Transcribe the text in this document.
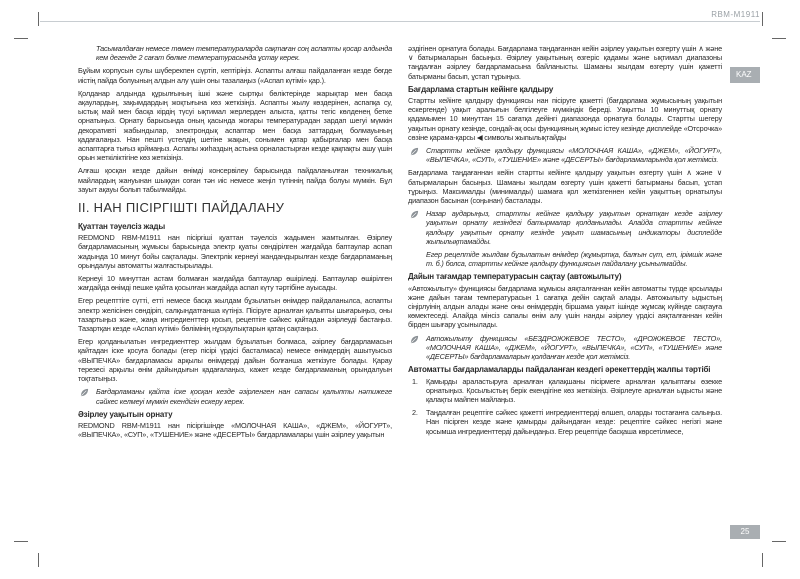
RBM-M1911
KAZ
25

Тасымалдаған немесе төмен температураларда сақтаған соң аспапты қосар алдында кем дегенде 2 сағат бөлме температурасында ұстау керек.

Бұйым корпусын сулы шүберекпен сүртіп, кептіріңіз. Аспапты алғаш пайдаланған кезде бөгде иістің пайда болуының алдын алу үшін оны тазалаңыз («Аспап күтімі» қар.).

Қолданар алдында құрылғының ішкі және сыртқы бөліктерінде жарықтар мен басқа ақаулардың, зақымдардың жоқтығына көз жеткізіңіз. Аспапты жылу көздерінен, аспапқа су, ыстық май мен басқа кірдің түсуі ықтимал жерлерден алыста, қатты тегіс көлденең бетке орнатыңыз. Орнату барысында оның қасында жоғары температурадан зардап шегуі мүмкін декоративті жабындылар, электрондық аспаптар мен басқа заттардың болмауының қадағалаңыз. Нан пешті үстелдің шетіне жақын, сонымен қатар қабырғалар мен басқа аспаптарға тығыз қоймаңыз. Аспапы жиһаздың астына орналастырған кезде қақпақты ашу үшін орын жеткіліктігіне көз жеткізіңіз.

Алғаш қосқан кезде дайын өнімді консервілеу барысында пайдаланылған техникалық майлардың жануынан шыққан соған тән иіс немесе жеңіл түтіннің пайда болуы мүмкін. Бұл зауыт ақауы болып табылмайды.

II. НАН ПІСІРГІШТІ ПАЙДАЛАНУ
Қуаттан тәуелсіз жады

REDMOND RBM-M1911 нан пісіргіші қуаттан тәуелсіз жадымен жамтылған. Әзірлеу бағдарламасының жұмысы барысында электр қуаты сөндірілген жағдайда баптаулар аспап жадында 10 минут бойы сақталады. Электрлік кернеуі жандандырылған кезде бағдарламаның орындалуы автоматты жалғастырылады.

Кернеуі 10 минуттан астам болмаған жағдайда баптаулар өшіріледі. Баптаулар өшірілген жағдайда өнімді пешке қайта қосылған жағдайда аспап күту тәртібіне ауысады.

Егер рецепттіге сүтті, етті немесе басқа жылдам бұзылатын өнімдер пайдаланылса, аспапты электр желісінен сөндіріп, салқындатғанша күтіңіз. Пісіруге арналған қалыпты шығарыңыз, оны тазартыңыз және, жаңа ингредиенттер қосып, рецептіге сәйкес қайтадан әзірлеуді бастаңыз. Тазартқан кезде «Аспап күтімі» бөлімінің нұсқаулықтарын қатаң сақтаңыз.

Егер қолданылатын ингредиенттер жылдам бұзылатын болмаса, әзірлеу бағдарламасын қайтадан іске қосуға болады (егер пісірі үрдісі басталмаса) немесе өнімдердің ашытуысыз «ВЫПЕЧКА» бағдарламасы арқылы өнімдерді дайын болғанша жеткізуге болады. Қарау терезесі арқылы өнім дайындығын қадағалаңыз, кажет кезде бағдарламаның орындалуын тоқтатыңыз.

Бағдарламаны қайта іске қосқан кезде әзірленген нан сапасы қалыпты нәтижеге сәйкес келмеуі мүмкін екендігін ескеру керек.

Әзірлеу уақытын орнату

REDMOND RBM-M1911 нан пісіргішінде «МОЛОЧНАЯ КАША», «ДЖЕМ», «ЙОГУРТ», «ВЫПЕЧКА», «СУП», «ТУШЕНИЕ» және «ДЕСЕРТЫ» бағдарламалары үшін әзірлеу уақытын

әздігінен орнатуға болады. Бағдарлама таңдағаннан кейін әзірлеу уақытын өзгерту үшін ∧ және ∨ батырмаларын басыңыз. Әзірлеу уақытының өзгеріс қадамы және ықтимал диапазоны таңдалған әзірлеу бағдарламасына байланысты. Шаманы жылдам өзгерту үшін қажетті батырманы басып, ұстап тұрыңыз.

Бағдарлама стартын кейінге қалдыру

Стартты кейінге қалдыру функциясы нан пісіруге қажетті (бағдарлама жұмысының уақытын ескергенде) уақыт аралығын белгілеуге мүмкіндік береді. Уақытты 10 минуттық орнату қадамымен 10 минуттан 15 сағатқа дейінгі диапазонда орнатуға болады. Стартты шегеру уақытын орнату кезінде, сондай-ақ осы функцияның жұмыс істеу кезінде дисплейде «Отсрочка» сөзіне қарама-қарсы ◀ символы жыпылықтайды

Стартты кейінге қалдыру функциясы «МОЛОЧНАЯ КАША», «ДЖЕМ», «ЙОГУРТ», «ВЫПЕЧКА», «СУП», «ТУШЕНИЕ» және «ДЕСЕРТЫ» бағдарламаларында қол жетімсіз.

Бағдарлама таңдағаннан кейін стартты кейінге қалдыру уақытын өзгерту үшін ∧ және ∨ батырмаларын басыңыз. Шаманы жылдам өзгерту үшін қажетті батырманы басып, ұстап тұрыңыз. Максималды (минималды) шамаға қол жеткізгеннен кейін уақыттың орнатылуы диапазон басынан (соңынан) басталады.

Назар аударыңыз, стартты кейінге қалдыру уақытын орнатқан кезде әзірлеу уақытын орнату кезіндегі батырмалар қолданылады. Алайда стартты кейінге қалдыру уақытын орнату кезінде уақыт шамасының индикаторы дисплейде жыпылықтамайды.

Егер рецептіде жылдам бұзылатын өнімдер (жұмыртқа, балғын сүт, ет, ірімшік және т. б.) болса, стартты кейінге қалдыру функциясын пайдалану ұсынылмайды.

Дайын тағамдар температурасын сақтау (автожылыту)

«Автожылыту» функциясы бағдарлама жұмысы аяқталғаннан кейін автоматты түрде қосылады және дайын тағам температурасын 1 сағатқа дейін сақтай алады. Автожылыту ыдыстың сіңірлуінің алдын алады және оны өнімдердің біршама уақыт ішінде жұмсақ күйінде сақтауға көмектеседі. Алайда мінсіз сапалы өнім алу үшін нанды әзірлеу үрдісі аяқталғаннан кейін бірден шығару ұсынылады.

Автожылыту функциясы «БЕЗДРОЖЖЕВОЕ ТЕСТО», «ДРОЖЖЕВОЕ ТЕСТО», «МОЛОЧНАЯ КАША», «ДЖЕМ», «ЙОГУРТ», «ВЫПЕЧКА», «СУП», «ТУШЕНИЕ» және «ДЕСЕРТЫ» бағдарламаларын қолданған кезде қол жетімсіз.

Автоматты бағдарламаларды пайдаланған кездегі әрекеттердің жалпы тәртібі
1. Қамырды араластыруға арналған қалақшаны пісірмеге арналған қалыптағы өзекке орнатыңыз. Қосылыстың берік екендігіне көз жеткізіңіз. Әзірлеуге арналған ыдысты және қалақты майпен майлаңыз.

2. Таңдалған рецептіге сәйкес қажетті ингредиенттерді өлшеп, оларды тостағанға салыңыз. Нан пісірген кезде және қамырды дайындаған кезде: рецептіге сәйкес негізгі және қосымша ингредиенттерді дайындаңыз. Егер рецептіде басқаша көрсетілмесе,
